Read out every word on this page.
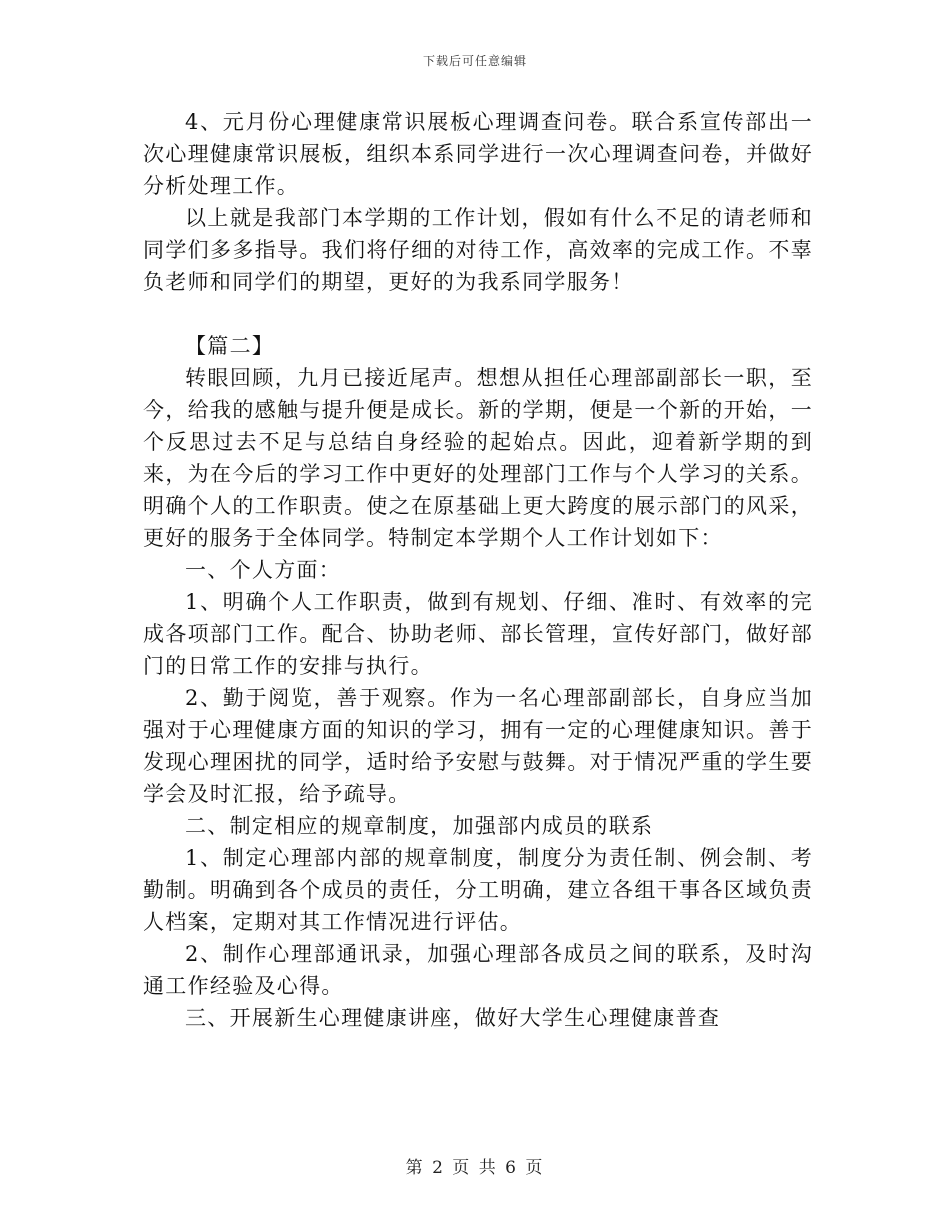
下载后可任意编辑

4、元月份心理健康常识展板心理调查问卷。联合系宣传部出一次心理健康常识展板，组织本系同学进行一次心理调查问卷，并做好分析处理工作。

以上就是我部门本学期的工作计划，假如有什么不足的请老师和同学们多多指导。我们将仔细的对待工作，高效率的完成工作。不辜负老师和同学们的期望，更好的为我系同学服务！

【篇二】

转眼回顾，九月已接近尾声。想想从担任心理部副部长一职，至今，给我的感触与提升便是成长。新的学期，便是一个新的开始，一个反思过去不足与总结自身经验的起始点。因此，迎着新学期的到来，为在今后的学习工作中更好的处理部门工作与个人学习的关系。明确个人的工作职责。使之在原基础上更大跨度的展示部门的风采，更好的服务于全体同学。特制定本学期个人工作计划如下：

一、个人方面：

1、明确个人工作职责，做到有规划、仔细、准时、有效率的完成各项部门工作。配合、协助老师、部长管理，宣传好部门，做好部门的日常工作的安排与执行。

2、勤于阅览，善于观察。作为一名心理部副部长，自身应当加强对于心理健康方面的知识的学习，拥有一定的心理健康知识。善于发现心理困扰的同学，适时给予安慰与鼓舞。对于情况严重的学生要学会及时汇报，给予疏导。

二、制定相应的规章制度，加强部内成员的联系

1、制定心理部内部的规章制度，制度分为责任制、例会制、考勤制。明确到各个成员的责任，分工明确，建立各组干事各区域负责人档案，定期对其工作情况进行评估。

2、制作心理部通讯录，加强心理部各成员之间的联系，及时沟通工作经验及心得。

三、开展新生心理健康讲座，做好大学生心理健康普查

第 2 页 共 6 页
